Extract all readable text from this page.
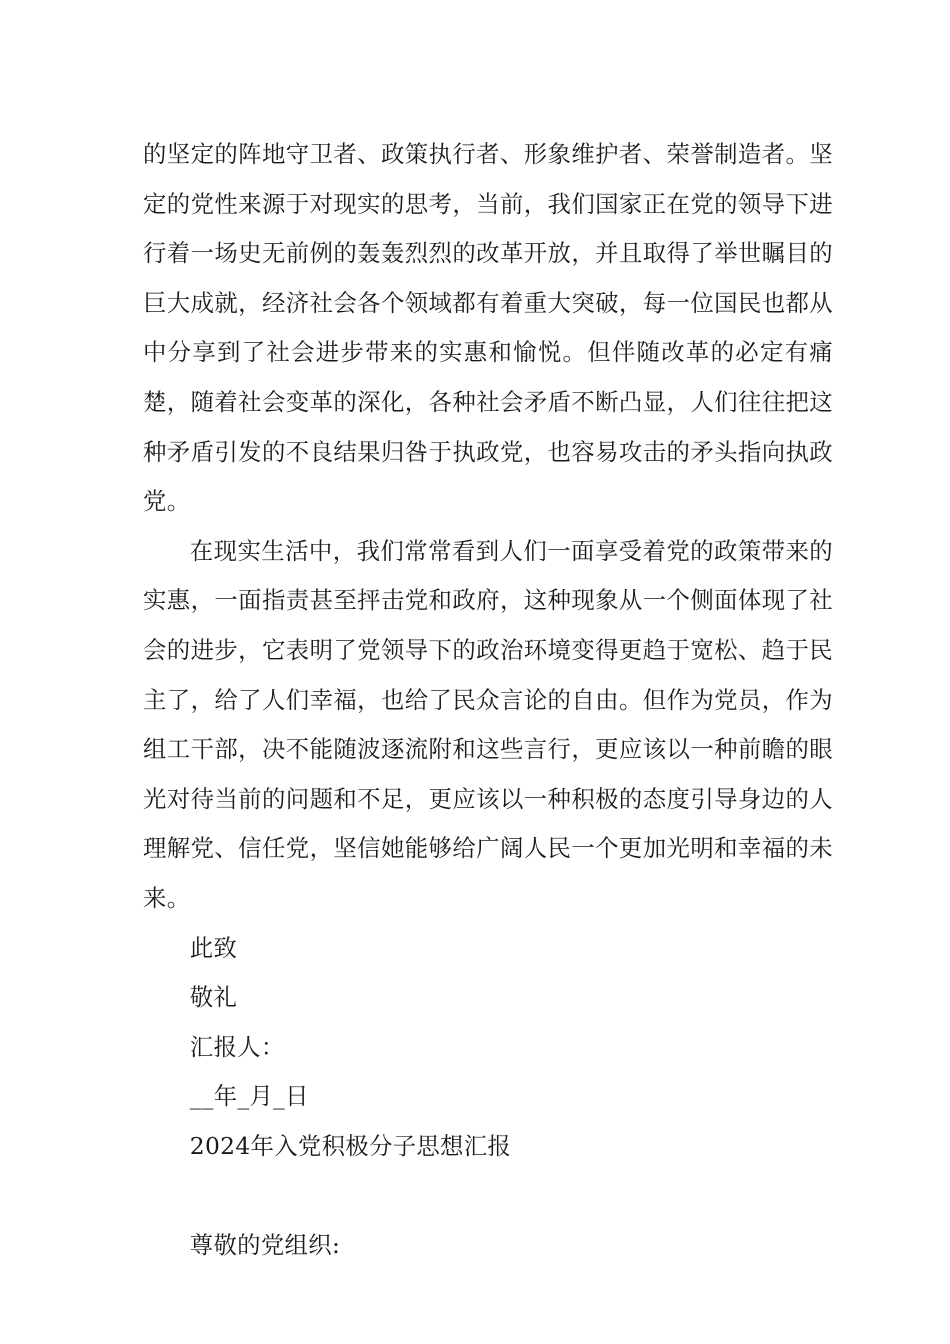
的坚定的阵地守卫者、政策执行者、形象维护者、荣誉制造者。坚定的党性来源于对现实的思考，当前，我们国家正在党的领导下进行着一场史无前例的轰轰烈烈的改革开放，并且取得了举世瞩目的巨大成就，经济社会各个领域都有着重大突破，每一位国民也都从中分享到了社会进步带来的实惠和愉悦。但伴随改革的必定有痛楚，随着社会变革的深化，各种社会矛盾不断凸显，人们往往把这种矛盾引发的不良结果归咎于执政党，也容易攻击的矛头指向执政党。

在现实生活中，我们常常看到人们一面享受着党的政策带来的实惠，一面指责甚至抨击党和政府，这种现象从一个侧面体现了社会的进步，它表明了党领导下的政治环境变得更趋于宽松、趋于民主了，给了人们幸福，也给了民众言论的自由。但作为党员，作为组工干部，决不能随波逐流附和这些言行，更应该以一种前瞻的眼光对待当前的问题和不足，更应该以一种积极的态度引导身边的人理解党、信任党，坚信她能够给广阔人民一个更加光明和幸福的未来。

此致

敬礼

汇报人：

__年_月_日

2024年入党积极分子思想汇报

尊敬的党组织:
